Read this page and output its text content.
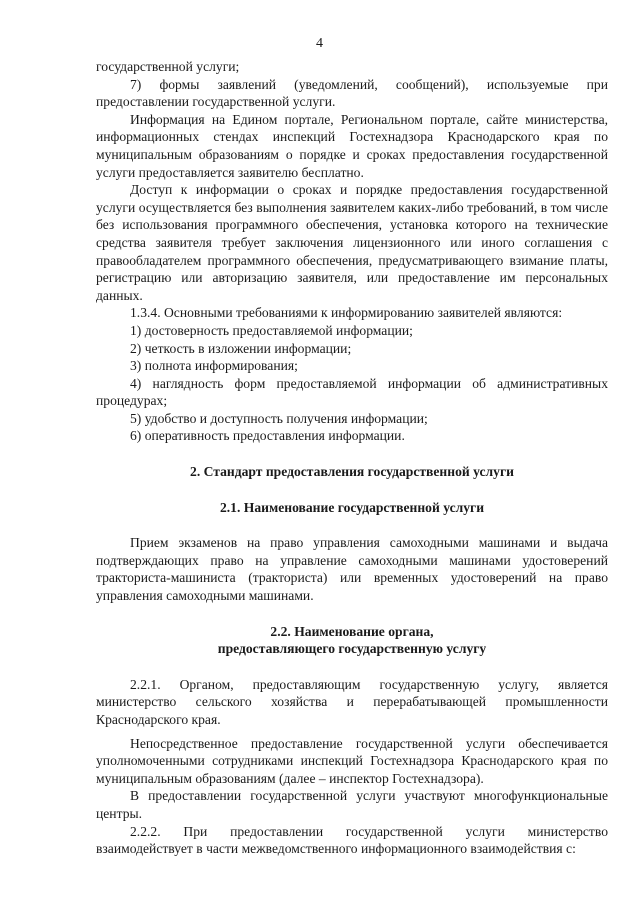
4

государственной услуги;

7) формы заявлений (уведомлений, сообщений), используемые при предоставлении государственной услуги.

Информация на Едином портале, Региональном портале, сайте министерства, информационных стендах инспекций Гостехнадзора Краснодарского края по муниципальным образованиям о порядке и сроках предоставления государственной услуги предоставляется заявителю бесплатно.

Доступ к информации о сроках и порядке предоставления государственной услуги осуществляется без выполнения заявителем каких-либо требований, в том числе без использования программного обеспечения, установка которого на технические средства заявителя требует заключения лицензионного или иного соглашения с правообладателем программного обеспечения, предусматривающего взимание платы, регистрацию или авторизацию заявителя, или предоставление им персональных данных.

1.3.4. Основными требованиями к информированию заявителей являются:

1) достоверность предоставляемой информации;

2) четкость в изложении информации;

3) полнота информирования;

4) наглядность форм предоставляемой информации об административных процедурах;

5) удобство и доступность получения информации;

6) оперативность предоставления информации.

2. Стандарт предоставления государственной услуги

2.1. Наименование государственной услуги

Прием экзаменов на право управления самоходными машинами и выдача подтверждающих право на управление самоходными машинами удостоверений тракториста-машиниста (тракториста) или временных удостоверений на право управления самоходными машинами.

2.2. Наименование органа,

предоставляющего государственную услугу

2.2.1. Органом, предоставляющим государственную услугу, является министерство сельского хозяйства и перерабатывающей промышленности Краснодарского края.

Непосредственное предоставление государственной услуги обеспечивается уполномоченными сотрудниками инспекций Гостехнадзора Краснодарского края по муниципальным образованиям (далее – инспектор Гостехнадзора).

В предоставлении государственной услуги участвуют многофункциональные центры.

2.2.2. При предоставлении государственной услуги министерство взаимодействует в части межведомственного информационного взаимодействия с:
